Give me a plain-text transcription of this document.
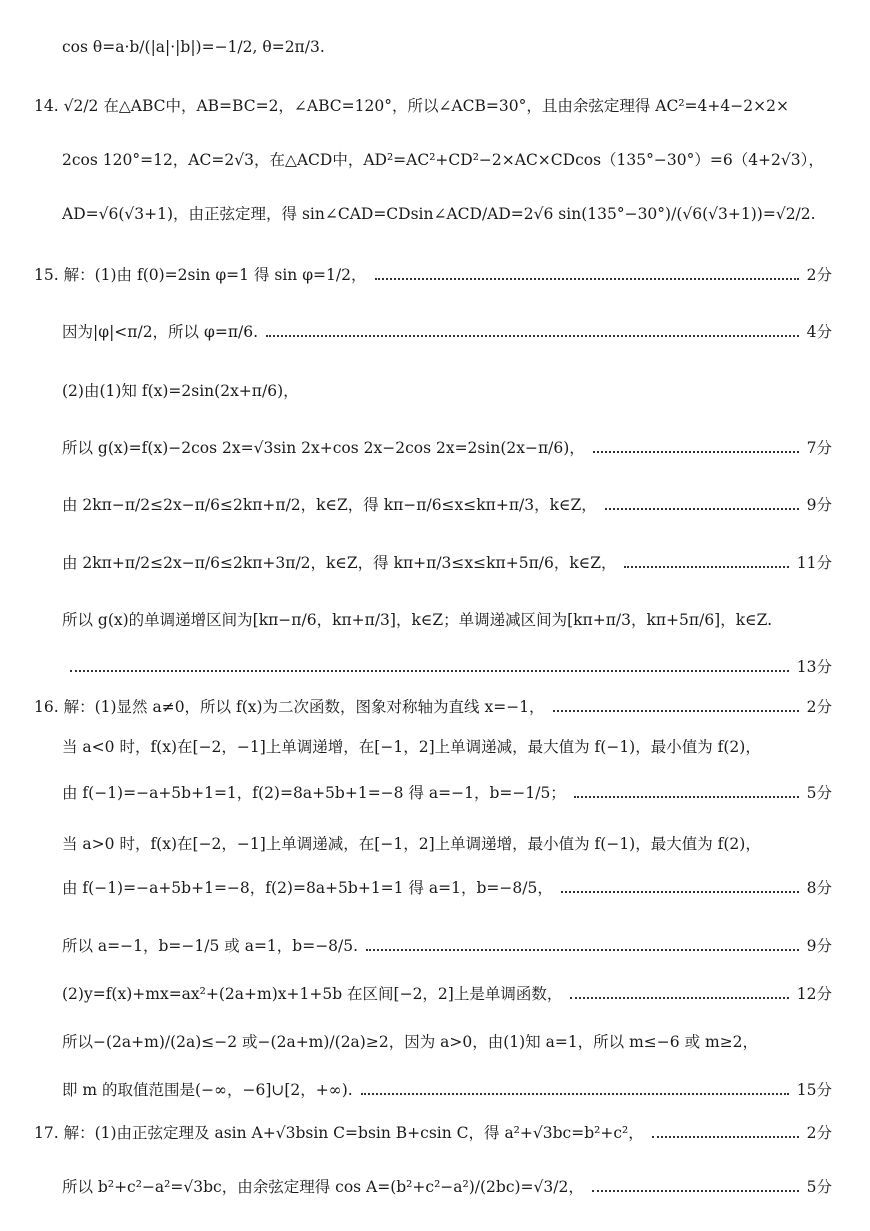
cos θ=a·b/(|a|·|b|)=−1/2, θ=2π/3.
14. √2/2 在△ABC中，AB=BC=2，∠ABC=120°，所以∠ACB=30°，且由余弦定理得 AC²=4+4−2×2×
2cos 120°=12，AC=2√3，在△ACD中，AD²=AC²+CD²−2×AC×CDcos（135°−30°）=6（4+2√3），
AD=√6(√3+1)，由正弦定理，得 sin∠CAD=CDsin∠ACD/AD=2√6 sin(135°−30°)/(√6(√3+1))=√2/2.
15. 解：(1)由 f(0)=2sin φ=1 得 sin φ=1/2，	2分
因为|φ|<π/2，所以 φ=π/6.	4分
(2)由(1)知 f(x)=2sin(2x+π/6)，
所以 g(x)=f(x)−2cos 2x=√3sin 2x+cos 2x−2cos 2x=2sin(2x−π/6)，	7分
由 2kπ−π/2≤2x−π/6≤2kπ+π/2，k∈Z，得 kπ−π/6≤x≤kπ+π/3，k∈Z，	9分
由 2kπ+π/2≤2x−π/6≤2kπ+3π/2，k∈Z，得 kπ+π/3≤x≤kπ+5π/6，k∈Z，	11分
所以 g(x)的单调递增区间为[kπ−π/6，kπ+π/3]，k∈Z；单调递减区间为[kπ+π/3，kπ+5π/6]，k∈Z.
13分
16. 解：(1)显然 a≠0，所以 f(x)为二次函数，图象对称轴为直线 x=−1，	2分
当 a<0 时，f(x)在[−2，−1]上单调递增，在[−1，2]上单调递减，最大值为 f(−1)，最小值为 f(2)，
由 f(−1)=−a+5b+1=1，f(2)=8a+5b+1=−8 得 a=−1，b=−1/5；	5分
当 a>0 时，f(x)在[−2，−1]上单调递减，在[−1，2]上单调递增，最小值为 f(−1)，最大值为 f(2)，
由 f(−1)=−a+5b+1=−8，f(2)=8a+5b+1=1 得 a=1，b=−8/5，	8分
所以 a=−1，b=−1/5 或 a=1，b=−8/5.	9分
(2)y=f(x)+mx=ax²+(2a+m)x+1+5b 在区间[−2，2]上是单调函数，	12分
所以−(2a+m)/(2a)≤−2 或−(2a+m)/(2a)≥2，因为 a>0，由(1)知 a=1，所以 m≤−6 或 m≥2，
即 m 的取值范围是(−∞，−6]∪[2，+∞).	15分
17. 解：(1)由正弦定理及 asin A+√3bsin C=bsin B+csin C，得 a²+√3bc=b²+c²，	2分
所以 b²+c²−a²=√3bc，由余弦定理得 cos A=(b²+c²−a²)/(2bc)=√3/2，	5分
